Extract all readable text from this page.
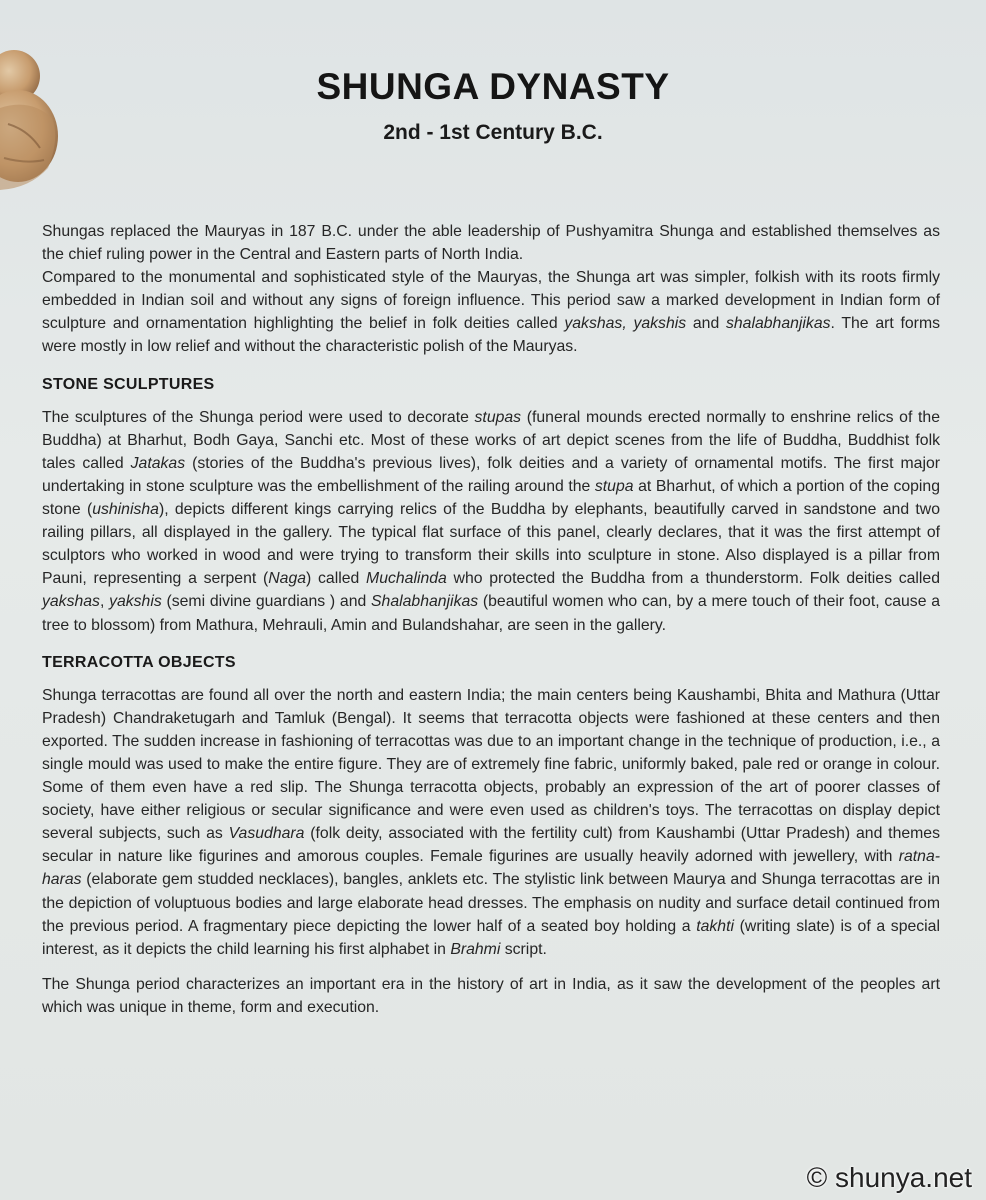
SHUNGA DYNASTY
2nd - 1st Century B.C.

Shungas replaced the Mauryas in 187 B.C. under the able leadership of Pushyamitra Shunga and established themselves as the chief ruling power in the Central and Eastern parts of North India.

Compared to the monumental and sophisticated style of the Mauryas, the Shunga art was simpler, folkish with its roots firmly embedded in Indian soil and without any signs of foreign influence. This period saw a marked development in Indian form of sculpture and ornamentation highlighting the belief in folk deities called yakshas, yakshis and shalabhanjikas. The art forms were mostly in low relief and without the characteristic polish of the Mauryas.

STONE SCULPTURES

The sculptures of the Shunga period were used to decorate stupas (funeral mounds erected normally to enshrine relics of the Buddha) at Bharhut, Bodh Gaya, Sanchi etc. Most of these works of art depict scenes from the life of Buddha, Buddhist folk tales called Jatakas (stories of the Buddha's previous lives), folk deities and a variety of ornamental motifs. The first major undertaking in stone sculpture was the embellishment of the railing around the stupa at Bharhut, of which a portion of the coping stone (ushinisha), depicts different kings carrying relics of the Buddha by elephants, beautifully carved in sandstone and two railing pillars, all displayed in the gallery. The typical flat surface of this panel, clearly declares, that it was the first attempt of sculptors who worked in wood and were trying to transform their skills into sculpture in stone. Also displayed is a pillar from Pauni, representing a serpent (Naga) called Muchalinda who protected the Buddha from a thunderstorm. Folk deities called yakshas, yakshis (semi divine guardians ) and Shalabhanjikas (beautiful women who can, by a mere touch of their foot, cause a tree to blossom) from Mathura, Mehrauli, Amin and Bulandshahar, are seen in the gallery.

TERRACOTTA OBJECTS

Shunga terracottas are found all over the north and eastern India; the main centers being Kaushambi, Bhita and Mathura (Uttar Pradesh) Chandraketugarh and Tamluk (Bengal). It seems that terracotta objects were fashioned at these centers and then exported. The sudden increase in fashioning of terracottas was due to an important change in the technique of production, i.e., a single mould was used to make the entire figure. They are of extremely fine fabric, uniformly baked, pale red or orange in colour. Some of them even have a red slip. The Shunga terracotta objects, probably an expression of the art of poorer classes of society, have either religious or secular significance and were even used as children's toys. The terracottas on display depict several subjects, such as Vasudhara (folk deity, associated with the fertility cult) from Kaushambi (Uttar Pradesh) and themes secular in nature like figurines and amorous couples. Female figurines are usually heavily adorned with jewellery, with ratna-haras (elaborate gem studded necklaces), bangles, anklets etc. The stylistic link between Maurya and Shunga terracottas are in the depiction of voluptuous bodies and large elaborate head dresses. The emphasis on nudity and surface detail continued from the previous period. A fragmentary piece depicting the lower half of a seated boy holding a takhti (writing slate) is of a special interest, as it depicts the child learning his first alphabet in Brahmi script.

The Shunga period characterizes an important era in the history of art in India, as it saw the development of the peoples art which was unique in theme, form and execution.

© shunya.net
